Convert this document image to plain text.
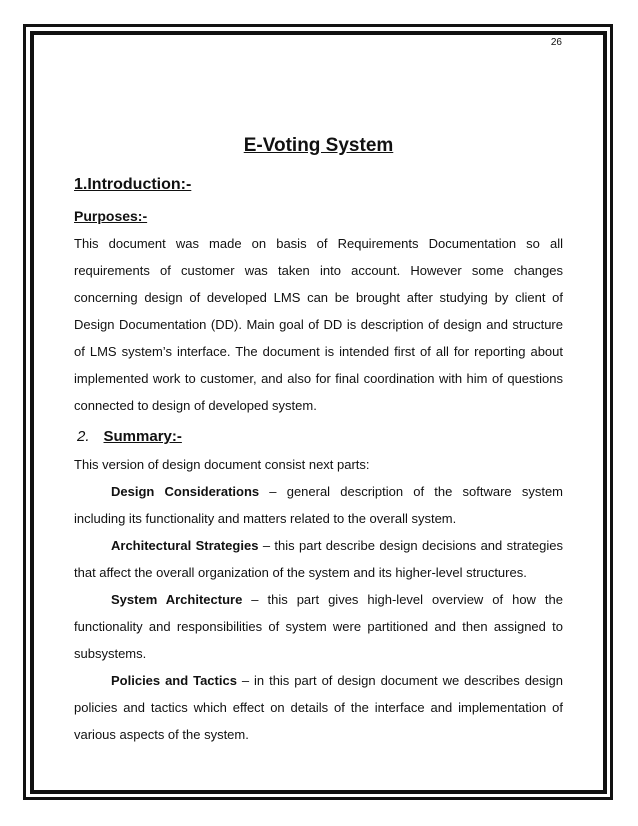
26
E-Voting System
1.Introduction:-
Purposes:-

This document was made on basis of Requirements Documentation so all requirements of customer was taken into account. However some changes concerning design of developed LMS can be brought after studying by client of Design Documentation (DD). Main goal of DD is description of design and structure of LMS system’s interface. The document is intended first of all for reporting about implemented work to customer, and also for final coordination with him of questions connected to design of developed system.

2. Summary:-

This version of design document consist next parts:

Design Considerations – general description of the software system including its functionality and matters related to the overall system.

Architectural Strategies – this part describe design decisions and strategies that affect the overall organization of the system and its higher-level structures.

System Architecture – this part gives high-level overview of how the functionality and responsibilities of system were partitioned and then assigned to subsystems.

Policies and Tactics – in this part of design document we describes design policies and tactics which effect on details of the interface and implementation of various aspects of the system.
